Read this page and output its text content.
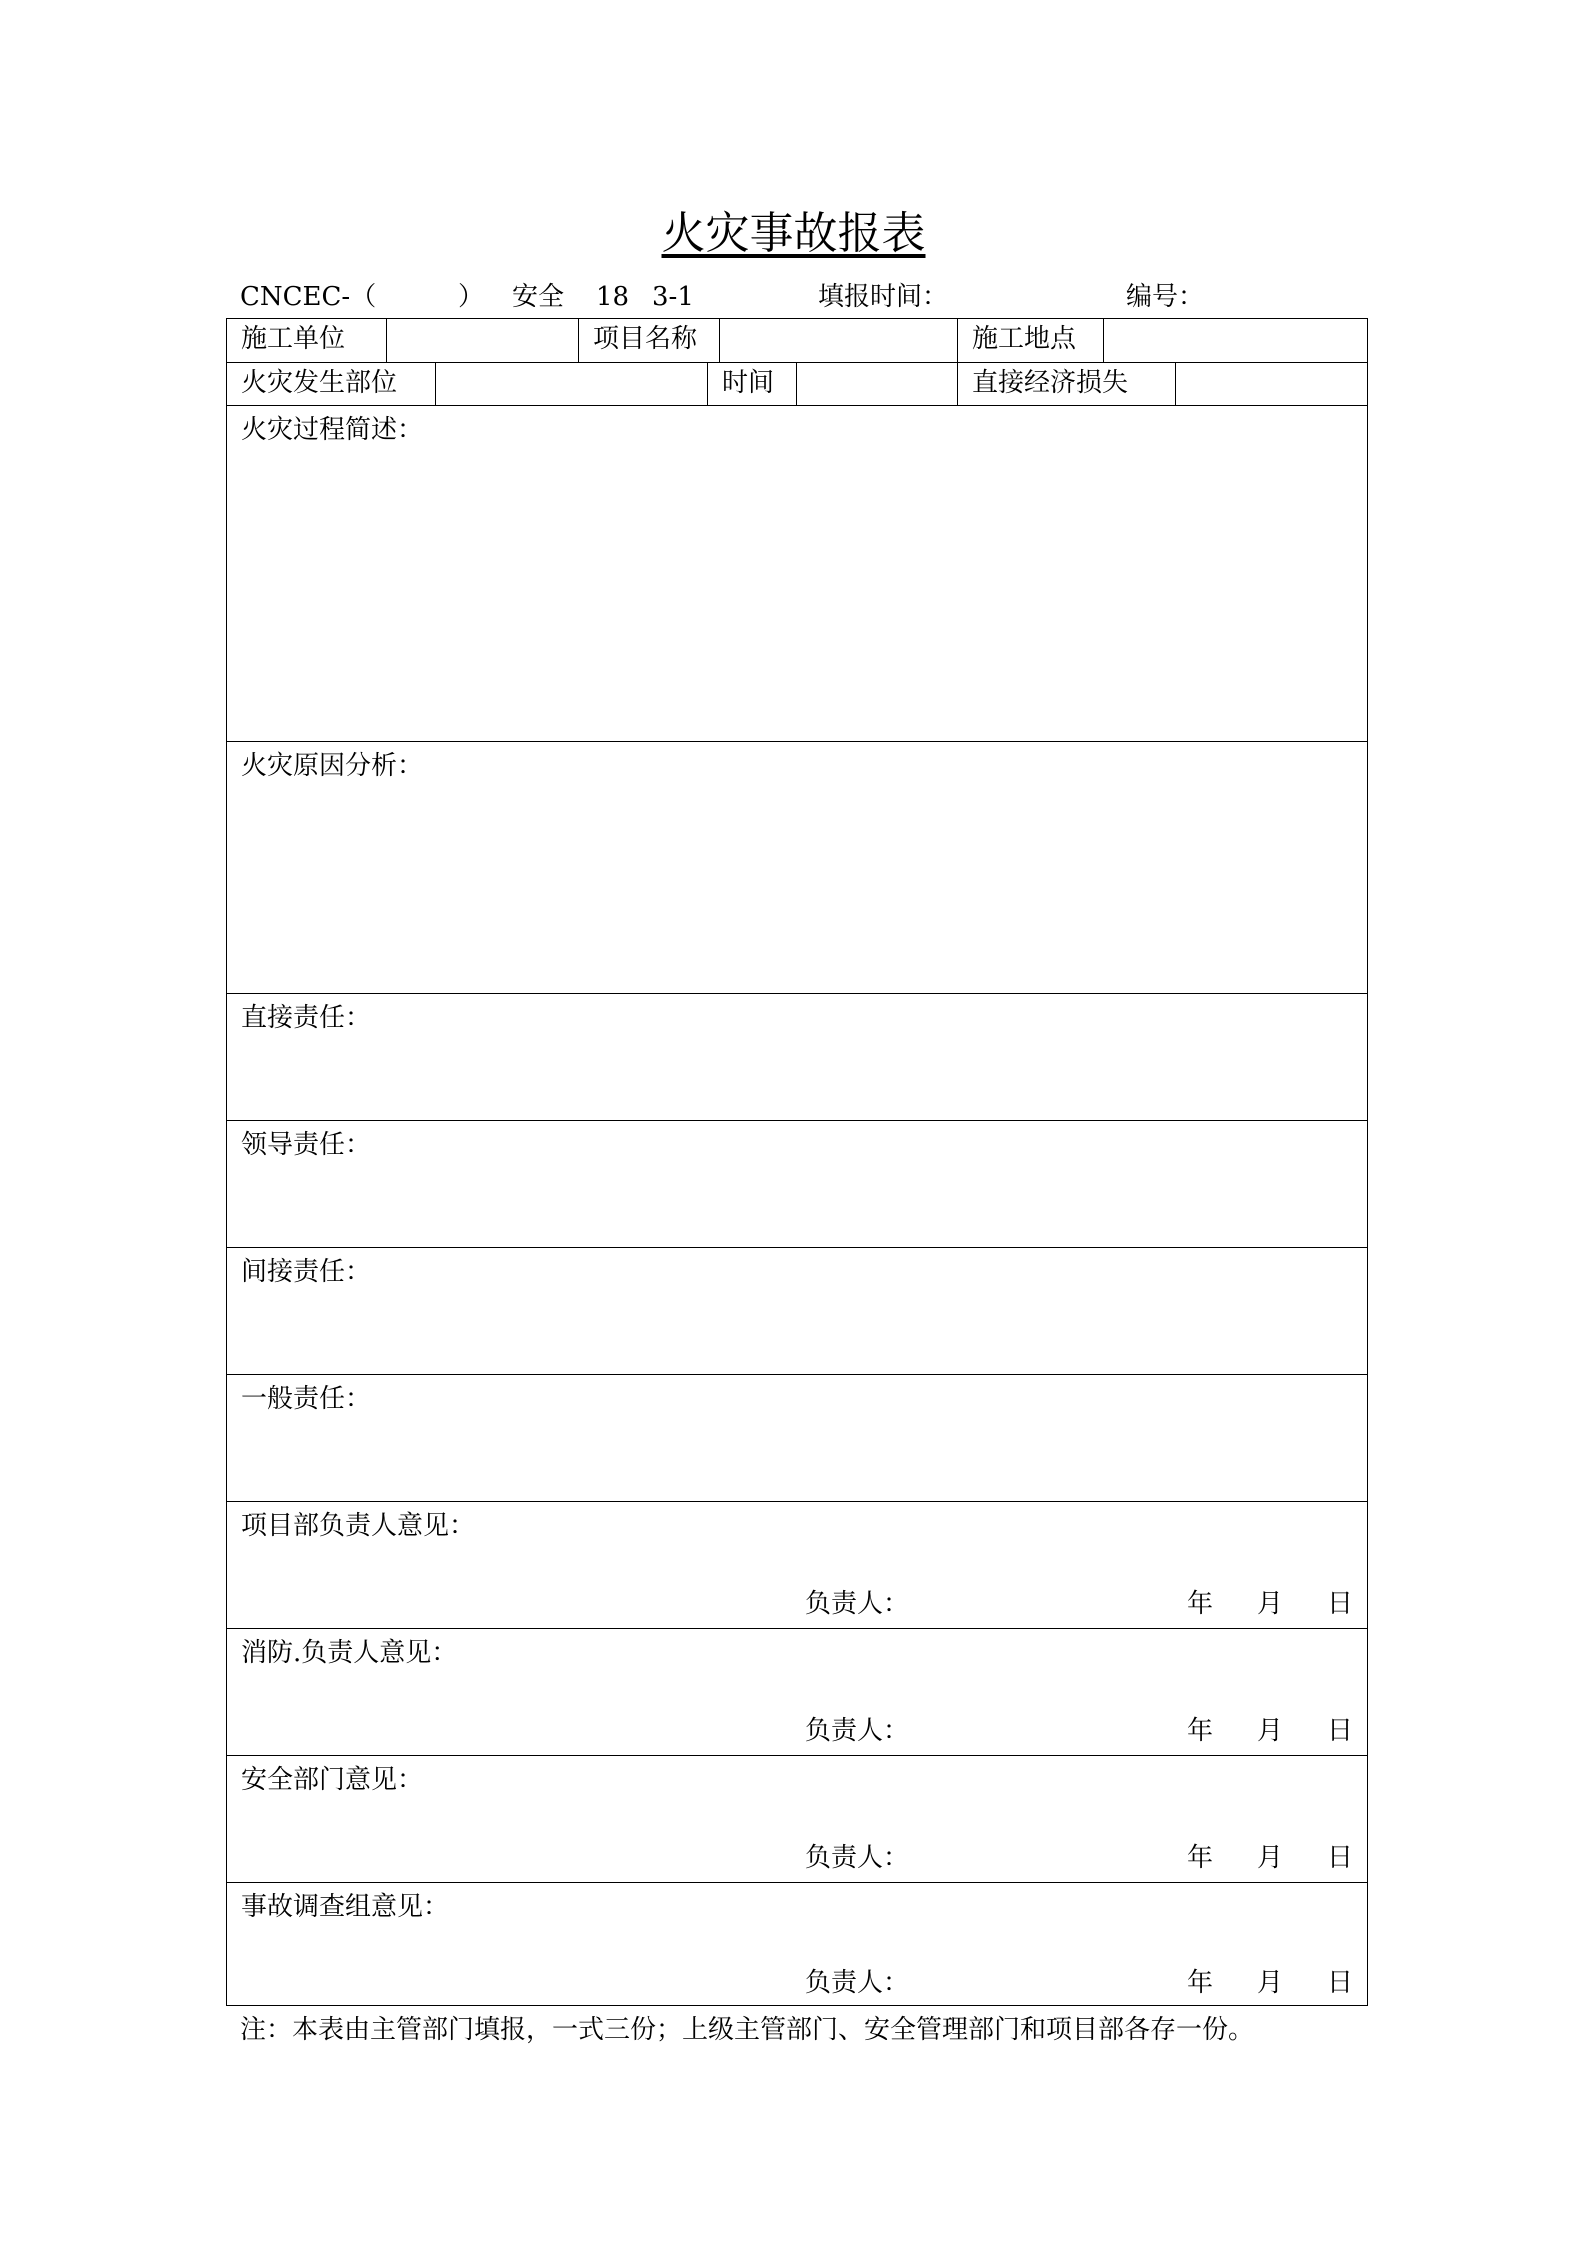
火灾事故报表
CNCEC-（	） 安全 18 3-1	填报时间：	编号：
施工单位	项目名称	施工地点
火灾发生部位	时间	直接经济损失
火灾过程简述：
火灾原因分析：
直接责任：
领导责任：
间接责任：
一般责任：
项目部负责人意见：
负责人：	年 月 日
消防.负责人意见：
负责人：	年 月 日
安全部门意见：
负责人：	年 月 日
事故调查组意见：
负责人：	年 月 日
注：本表由主管部门填报，一式三份；上级主管部门、安全管理部门和项目部各存一份。
